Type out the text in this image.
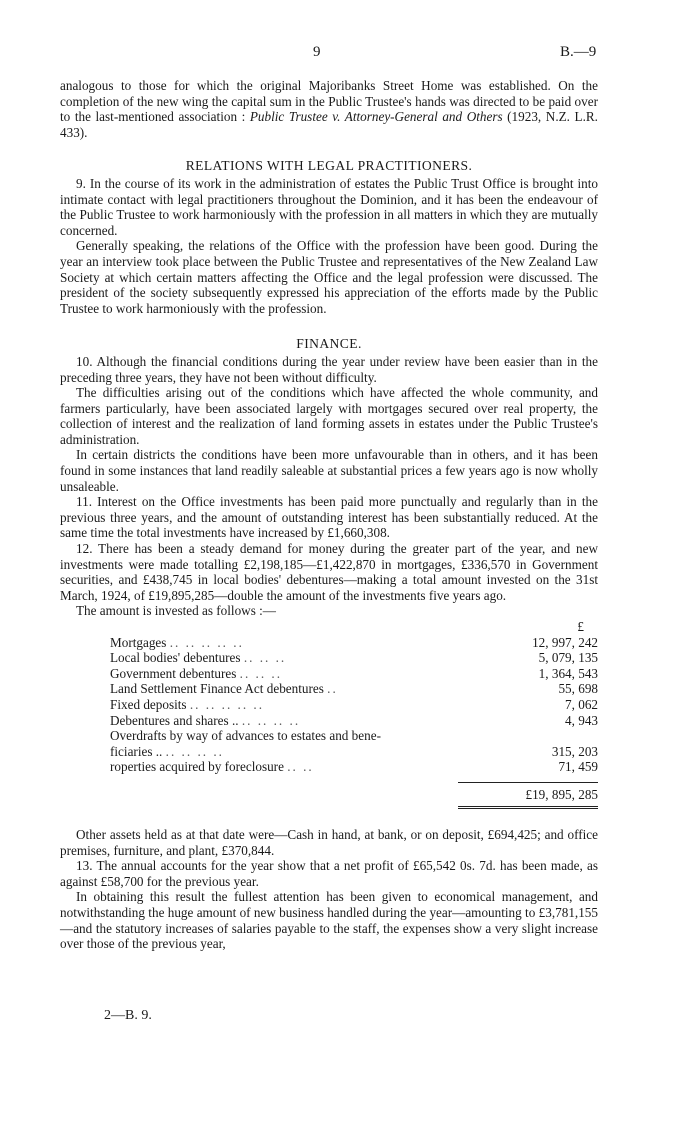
9	B.—9

analogous to those for which the original Majoribanks Street Home was established. On the completion of the new wing the capital sum in the Public Trustee's hands was directed to be paid over to the last-mentioned association : Public Trustee v. Attorney-General and Others (1923, N.Z. L.R. 433).

RELATIONS WITH LEGAL PRACTITIONERS.

9. In the course of its work in the administration of estates the Public Trust Office is brought into intimate contact with legal practitioners throughout the Dominion, and it has been the endeavour of the Public Trustee to work harmoniously with the profession in all matters in which they are mutually concerned.

Generally speaking, the relations of the Office with the profession have been good. During the year an interview took place between the Public Trustee and representatives of the New Zealand Law Society at which certain matters affecting the Office and the legal profession were discussed. The president of the society subsequently expressed his appreciation of the efforts made by the Public Trustee to work harmoniously with the profession.

FINANCE.

10. Although the financial conditions during the year under review have been easier than in the preceding three years, they have not been without difficulty.

The difficulties arising out of the conditions which have affected the whole community, and farmers particularly, have been associated largely with mortgages secured over real property, the collection of interest and the realization of land forming assets in estates under the Public Trustee's administration.

In certain districts the conditions have been more unfavourable than in others, and it has been found in some instances that land readily saleable at substantial prices a few years ago is now wholly unsaleable.

11. Interest on the Office investments has been paid more punctually and regularly than in the previous three years, and the amount of outstanding interest has been substantially reduced. At the same time the total investments have increased by £1,660,308.

12. There has been a steady demand for money during the greater part of the year, and new investments were made totalling £2,198,185—£1,422,870 in mortgages, £336,570 in Government securities, and £438,745 in local bodies' debentures—making a total amount invested on the 31st March, 1924, of £19,895,285—double the amount of the investments five years ago.

The amount is invested as follows :—

	£
Mortgages .. .. .. .. ..	12, 997, 242
Local bodies' debentures .. .. ..	5, 079, 135
Government debentures .. .. ..	1, 364, 543
Land Settlement Finance Act debentures ..	55, 698
Fixed deposits .. .. .. .. ..	7, 062
Debentures and shares .. .. .. .. ..	4, 943
Overdrafts by way of advances to estates and bene-	
ficiaries .. .. .. .. ..	315, 203
roperties acquired by foreclosure .. ..	71, 459

	£19, 895, 285

Other assets held as at that date were—Cash in hand, at bank, or on deposit, £694,425; and office premises, furniture, and plant, £370,844.

13. The annual accounts for the year show that a net profit of £65,542 0s. 7d. has been made, as against £58,700 for the previous year.

In obtaining this result the fullest attention has been given to economical management, and notwithstanding the huge amount of new business handled during the year—amounting to £3,781,155—and the statutory increases of salaries payable to the staff, the expenses show a very slight increase over those of the previous year,

2—B. 9.
